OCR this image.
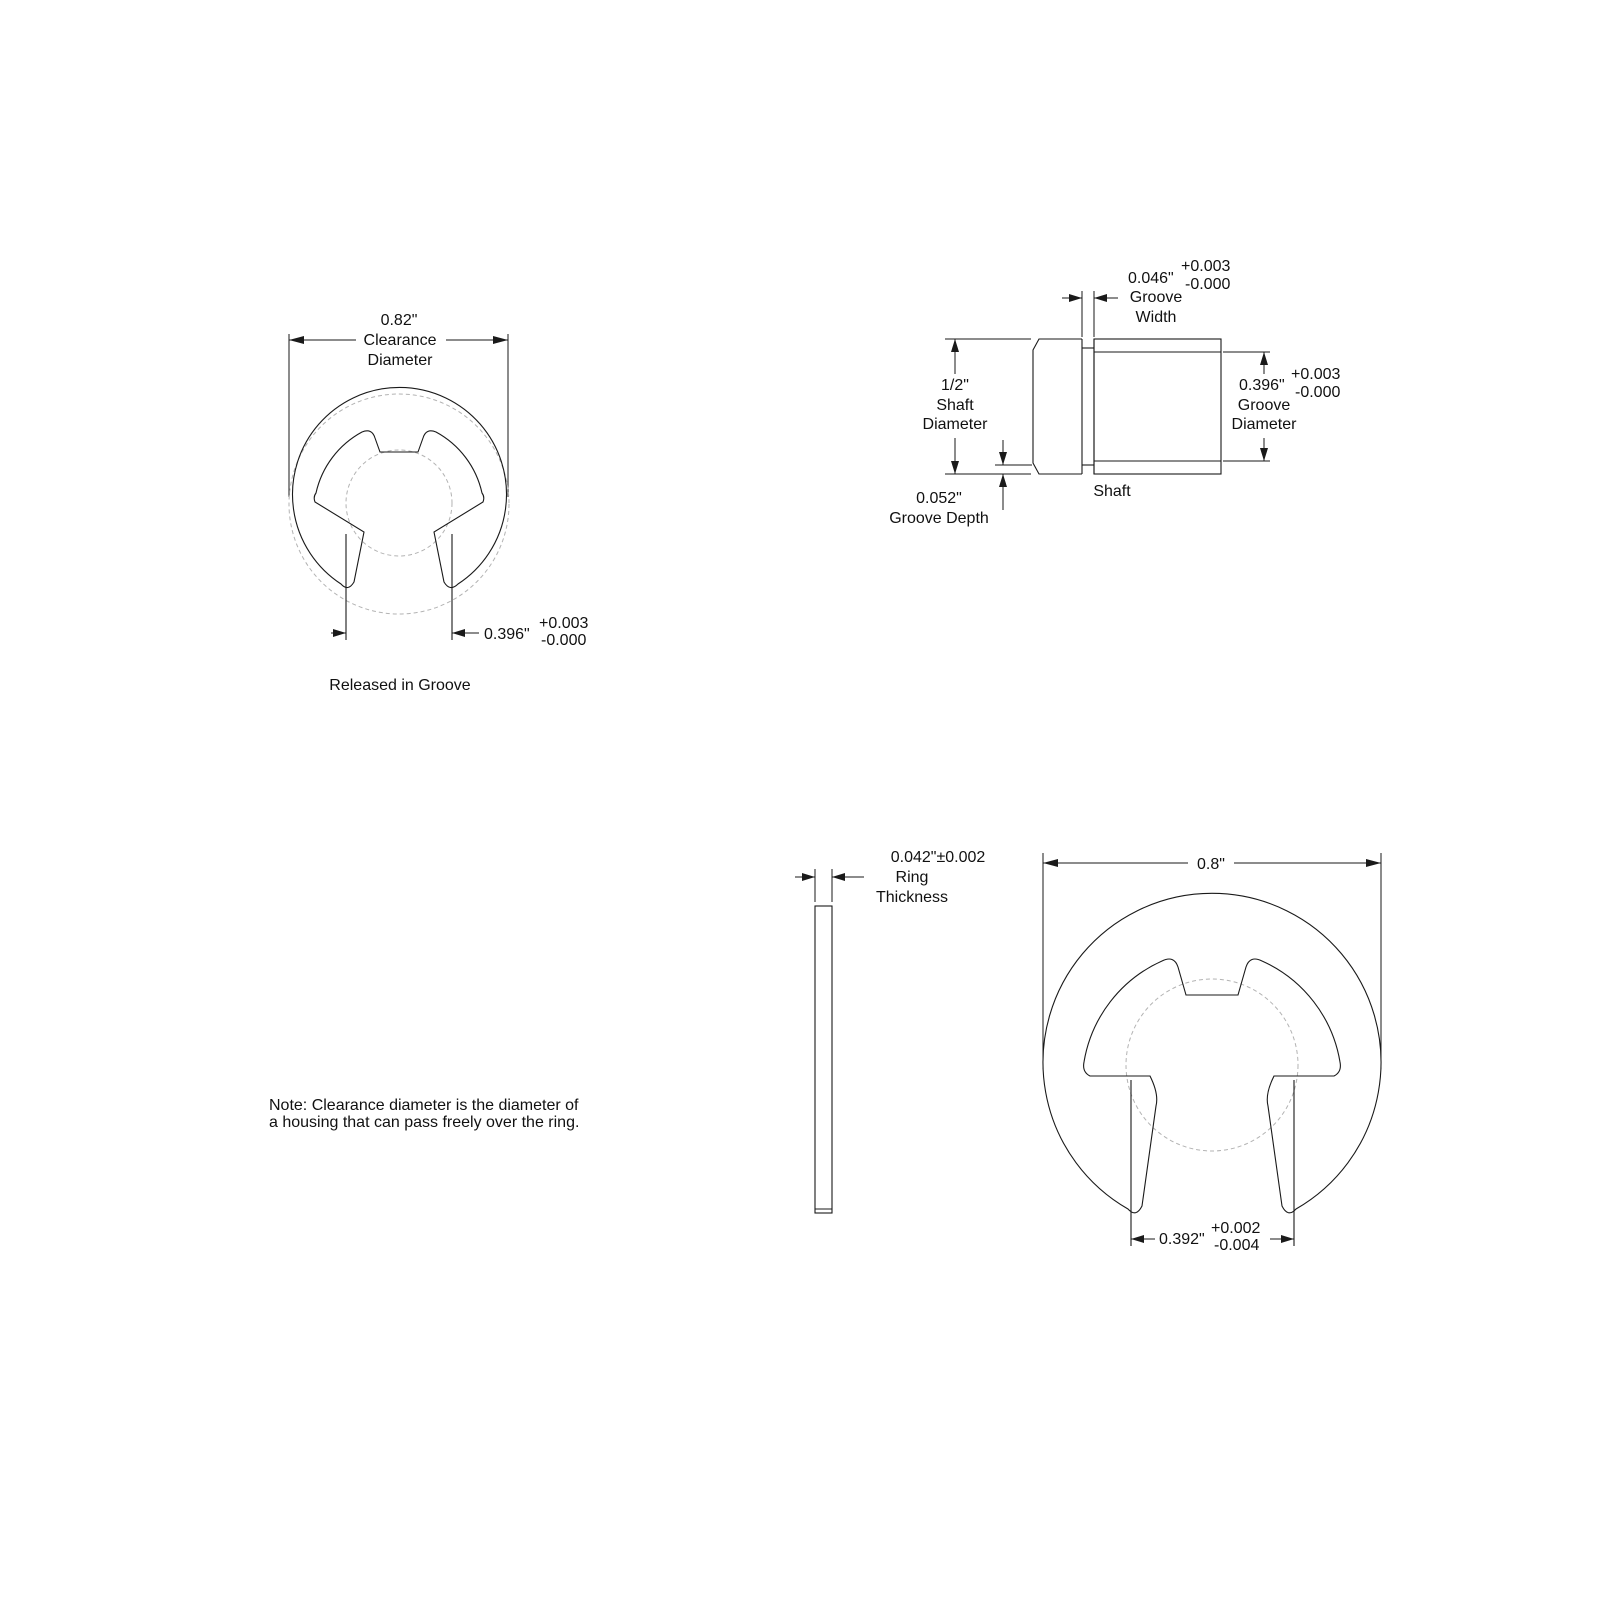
0.82"
Clearance
Diameter
0.396"
+0.003
-0.000
Released in Groove
0.046"
+0.003
-0.000
Groove
Width
1/2"
Shaft
Diameter
0.052"
Groove Depth
0.396"
+0.003
-0.000
Groove
Diameter
Shaft
0.042"±0.002
Ring
Thickness
0.8"
0.392"
+0.002
-0.004
Note: Clearance diameter is the diameter of
a housing that can pass freely over the ring.
